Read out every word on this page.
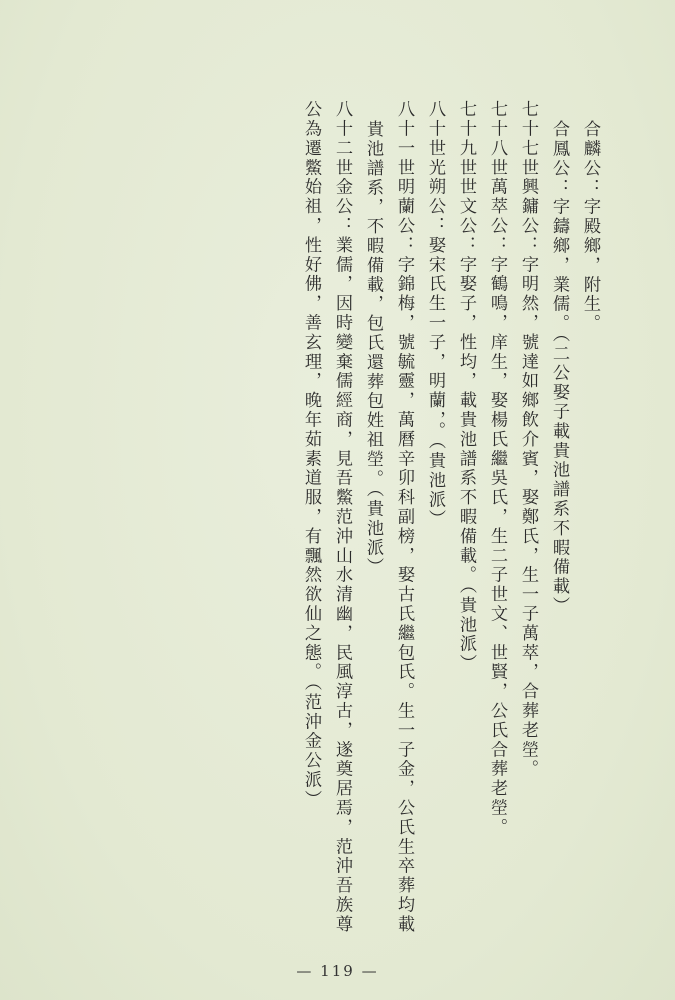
合麟公：字殿鄉，附生。
合鳳公：字鑄鄉，業儒。（二公娶子載貴池譜系不暇備載）
七十七世興鏞公：字明然，號達如鄉飲介賓，娶鄭氏，生一子萬萃，合葬老塋。
七十八世萬萃公：字鶴鳴，庠生，娶楊氏繼吳氏，生二子世文、世賢，公氏合葬老塋。
七十九世世文公：字娶子，性均，載貴池譜系不暇備載。（貴池派）
八十世光朔公：娶宋氏生一子，明蘭，。（貴池派）
八十一世明蘭公：字錦梅，號毓靈，萬曆辛卯科副榜，娶古氏繼包氏。生一子金，公氏生卒葬均載
貴池譜系，不暇備載，包氏還葬包姓祖塋。（貴池派）
八十二世金公：業儒，因時變棄儒經商，見吾鱉范沖山水清幽，民風淳古，遂奠居焉，范沖吾族尊
公為遷鱉始祖，性好佛，善玄理，晚年茹素道服，有飄然欲仙之態。（范沖金公派）
— 119 —
